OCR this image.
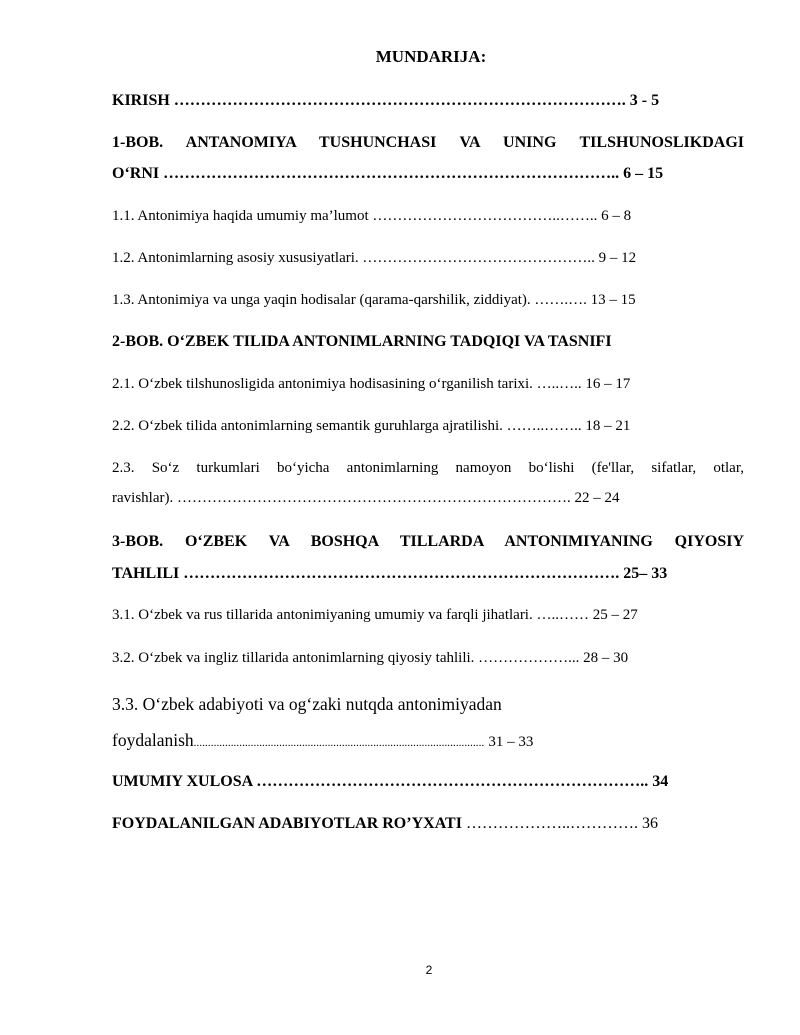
MUNDARIJA:
KIRISH …………………………………………………………………………. 3 - 5
1-BOB. ANTANOMIYA TUSHUNCHASI VA UNING TILSHUNOSLIKDAGI
O‘RNI ………………………………………………………………………….. 6 – 15
1.1. Antonimiya haqida umumiy ma’lumot ………………………………..…….. 6 – 8
1.2. Antonimlarning asosiy xususiyatlari. ……………………………………….. 9 – 12
1.3. Antonimiya va unga yaqin hodisalar (qarama-qarshilik, ziddiyat). …….…. 13 – 15
2-BOB. O‘ZBEK TILIDA ANTONIMLARNING TADQIQI VA TASNIFI
2.1. O‘zbek tilshunosligida antonimiya hodisasining o‘rganilish tarixi. …..….. 16 – 17
2.2. O‘zbek tilida antonimlarning semantik guruhlarga ajratilishi. ……..…….. 18 – 21
2.3. So‘z turkumlari bo‘yicha antonimlarning namoyon bo‘lishi (fe'llar, sifatlar, otlar,
ravishlar). ……………………………………………………………………. 22 – 24
3-BOB. O‘ZBEK VA BOSHQA TILLARDA ANTONIMIYANING QIYOSIY
TAHLILI ………………………………………………………………………. 25– 33
3.1. O‘zbek va rus tillarida antonimiyaning umumiy va farqli jihatlari. …..…… 25 – 27
3.2. O‘zbek va ingliz tillarida antonimlarning qiyosiy tahlili. ………………... 28 – 30
3.3. O‘zbek adabiyoti va og‘zaki nutqda antonimiyadan
foydalanish...................................................................................................... 31 – 33
UMUMIY XULOSA ……………………………………………………………….. 34
FOYDALANILGAN ADABIYOTLAR RO’YXATI ………………..…………. 36
2
